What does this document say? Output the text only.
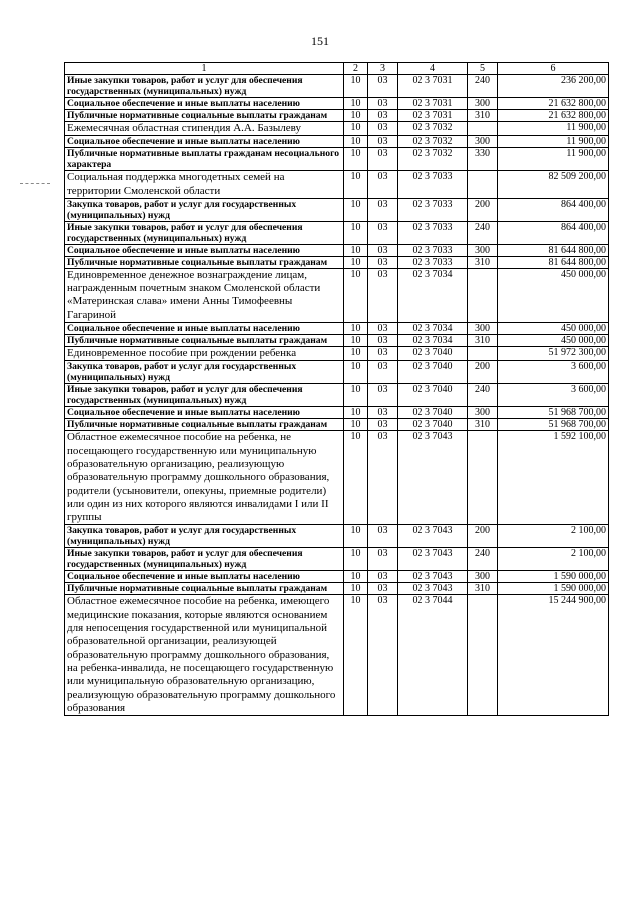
151
1	2	3	4	5	6
Иные закупки товаров, работ и услуг для обеспечения государственных (муниципальных) нужд	10	03	02 3 7031	240	236 200,00
Социальное обеспечение и иные выплаты населению	10	03	02 3 7031	300	21 632 800,00
Публичные нормативные социальные выплаты гражданам	10	03	02 3 7031	310	21 632 800,00
Ежемесячная областная стипендия А.А. Базылеву	10	03	02 3 7032		11 900,00
Социальное обеспечение и иные выплаты населению	10	03	02 3 7032	300	11 900,00
Публичные нормативные выплаты гражданам несоциального характера	10	03	02 3 7032	330	11 900,00
Социальная поддержка многодетных семей на территории Смоленской области	10	03	02 3 7033		82 509 200,00
Закупка товаров, работ и услуг для государственных (муниципальных) нужд	10	03	02 3 7033	200	864 400,00
Иные закупки товаров, работ и услуг для обеспечения государственных (муниципальных) нужд	10	03	02 3 7033	240	864 400,00
Социальное обеспечение и иные выплаты населению	10	03	02 3 7033	300	81 644 800,00
Публичные нормативные социальные выплаты гражданам	10	03	02 3 7033	310	81 644 800,00
Единовременное денежное вознаграждение лицам, награжденным почетным знаком Смоленской области «Материнская слава» имени Анны Тимофеевны Гагариной	10	03	02 3 7034		450 000,00
Социальное обеспечение и иные выплаты населению	10	03	02 3 7034	300	450 000,00
Публичные нормативные социальные выплаты гражданам	10	03	02 3 7034	310	450 000,00
Единовременное пособие при рождении ребенка	10	03	02 3 7040		51 972 300,00
Закупка товаров, работ и услуг для государственных (муниципальных) нужд	10	03	02 3 7040	200	3 600,00
Иные закупки товаров, работ и услуг для обеспечения государственных (муниципальных) нужд	10	03	02 3 7040	240	3 600,00
Социальное обеспечение и иные выплаты населению	10	03	02 3 7040	300	51 968 700,00
Публичные нормативные социальные выплаты гражданам	10	03	02 3 7040	310	51 968 700,00
Областное ежемесячное пособие на ребенка, не посещающего государственную или муниципальную образовательную организацию, реализующую образовательную программу дошкольного образования, родители (усыновители, опекуны, приемные родители) или один из них которого являются инвалидами I или II группы	10	03	02 3 7043		1 592 100,00
Закупка товаров, работ и услуг для государственных (муниципальных) нужд	10	03	02 3 7043	200	2 100,00
Иные закупки товаров, работ и услуг для обеспечения государственных (муниципальных) нужд	10	03	02 3 7043	240	2 100,00
Социальное обеспечение и иные выплаты населению	10	03	02 3 7043	300	1 590 000,00
Публичные нормативные социальные выплаты гражданам	10	03	02 3 7043	310	1 590 000,00
Областное ежемесячное пособие на ребенка, имеющего медицинские показания, которые являются основанием для непосещения государственной или муниципальной образовательной организации, реализующей образовательную программу дошкольного образования, на ребенка-инвалида, не посещающего государственную или муниципальную образовательную организацию, реализующую образовательную программу дошкольного образования	10	03	02 3 7044		15 244 900,00
